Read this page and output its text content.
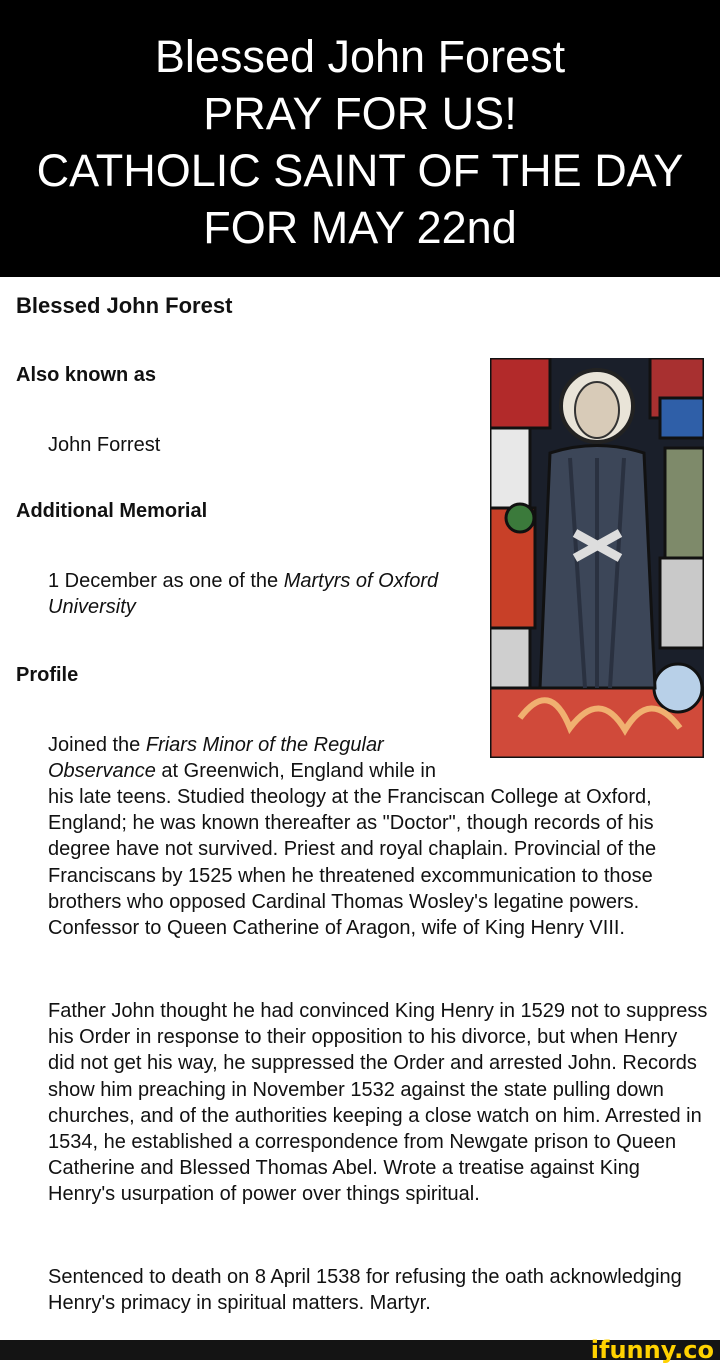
Blessed John Forest
PRAY FOR US!
CATHOLIC SAINT OF THE DAY
FOR MAY 22nd
Blessed John Forest
Also known as
John Forrest
Additional Memorial
1 December as one of the Martyrs of Oxford University
Profile
Joined the Friars Minor of the Regular
his late teens. Studied theology at the Franciscan College at Oxford, England; he was known thereafter as "Doctor", though records of his degree have not survived. Priest and royal chaplain. Provincial of the Franciscans by 1525 when he threatened excommunication to those brothers who opposed Cardinal Thomas Wosley's legatine powers. Confessor to Queen Catherine of Aragon, wife of King Henry VIII.
Father John thought he had convinced King Henry in 1529 not to suppress his Order in response to their opposition to his divorce, but when Henry did not get his way, he suppressed the Order and arrested John. Records show him preaching in November 1532 against the state pulling down churches, and of the authorities keeping a close watch on him. Arrested in 1534, he established a correspondence from Newgate prison to Queen Catherine and Blessed Thomas Abel. Wrote a treatise against King Henry's usurpation of power over things spiritual.
Sentenced to death on 8 April 1538 for refusing the oath acknowledging Henry's primacy in spiritual matters. Martyr.
ifunny.co
Observance at Greenwich, England while in
